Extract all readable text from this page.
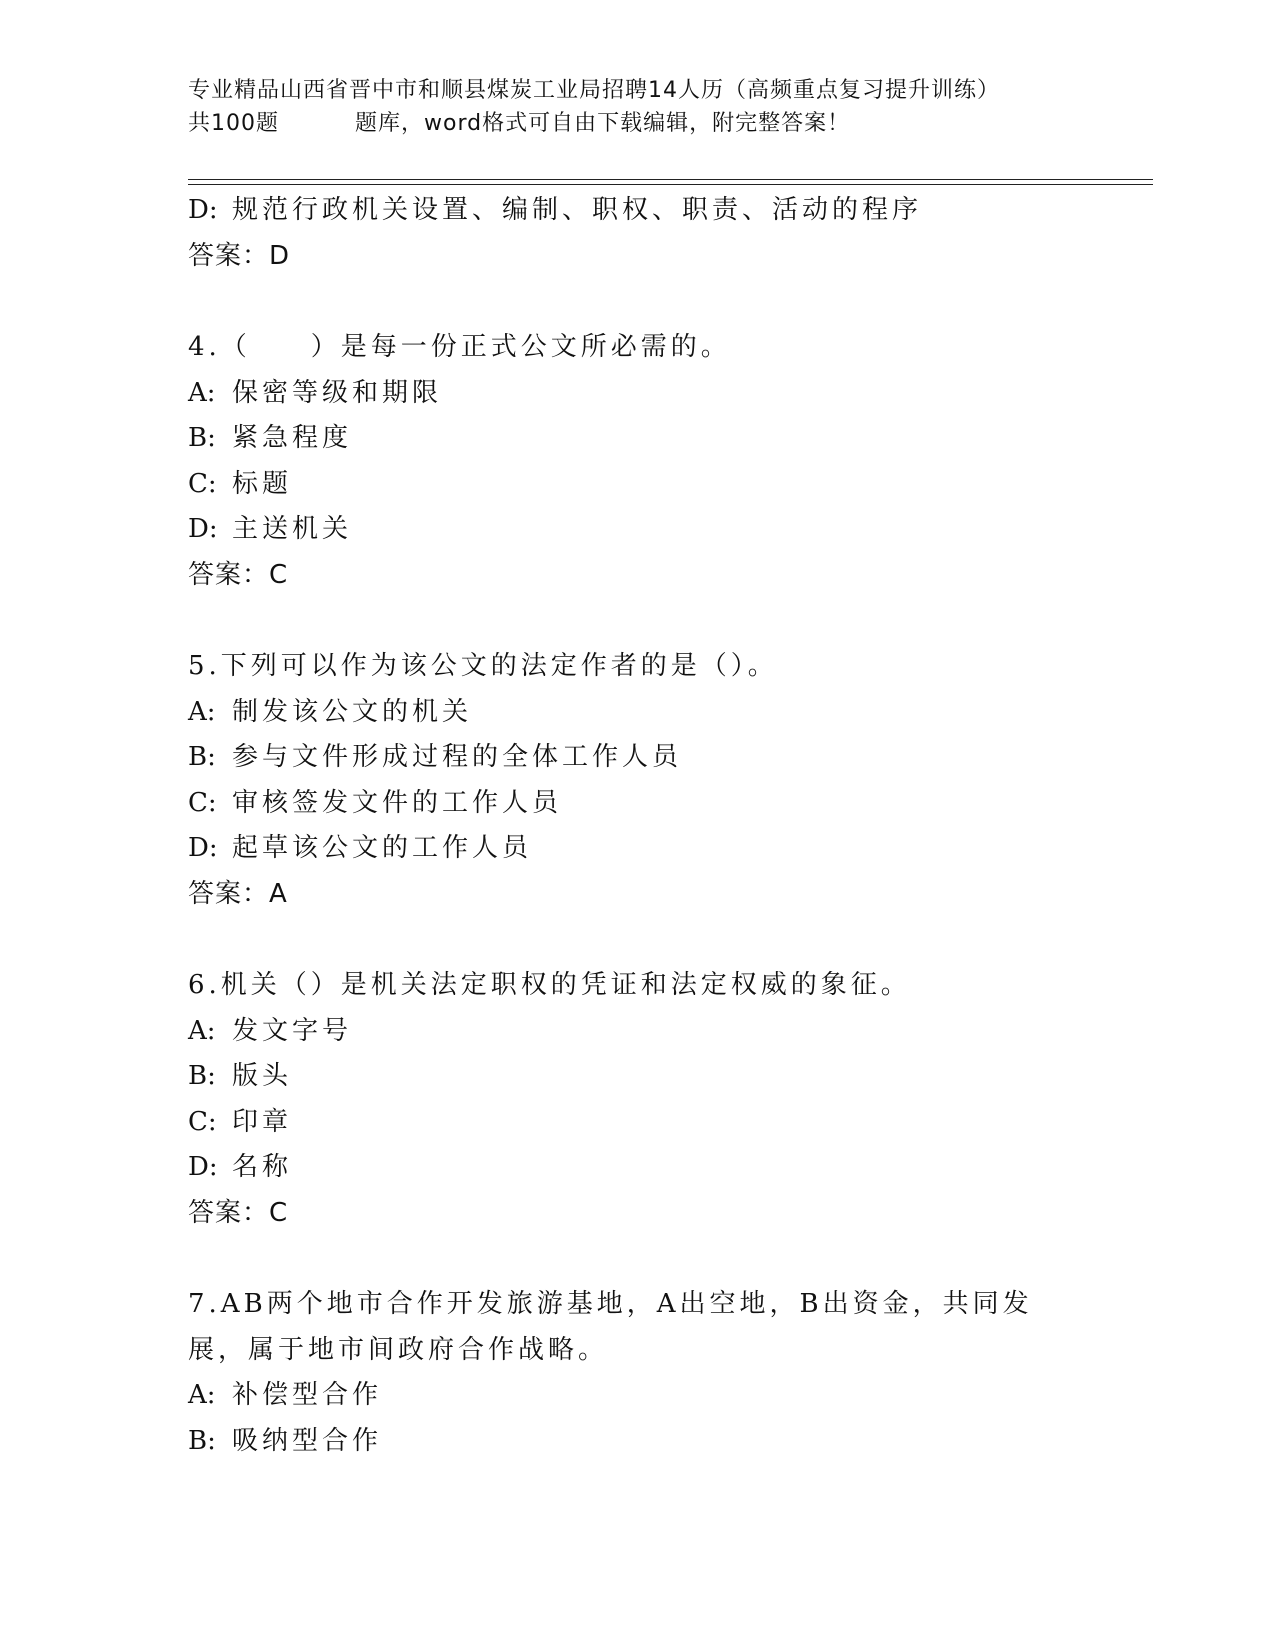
专业精品山西省晋中市和顺县煤炭工业局招聘14人历（高频重点复习提升训练）
共100题	题库，word格式可自由下载编辑，附完整答案！
D: 规范行政机关设置、编制、职权、职责、活动的程序
答案：D
4.（　　）是每一份正式公文所必需的。
A: 保密等级和期限
B: 紧急程度
C: 标题
D: 主送机关
答案：C
5.下列可以作为该公文的法定作者的是（）。
A: 制发该公文的机关
B: 参与文件形成过程的全体工作人员
C: 审核签发文件的工作人员
D: 起草该公文的工作人员
答案：A
6.机关（）是机关法定职权的凭证和法定权威的象征。
A: 发文字号
B: 版头
C: 印章
D: 名称
答案：C
7.AB两个地市合作开发旅游基地，A出空地，B出资金，共同发展，属于地市间政府合作战略。
A: 补偿型合作
B: 吸纳型合作
